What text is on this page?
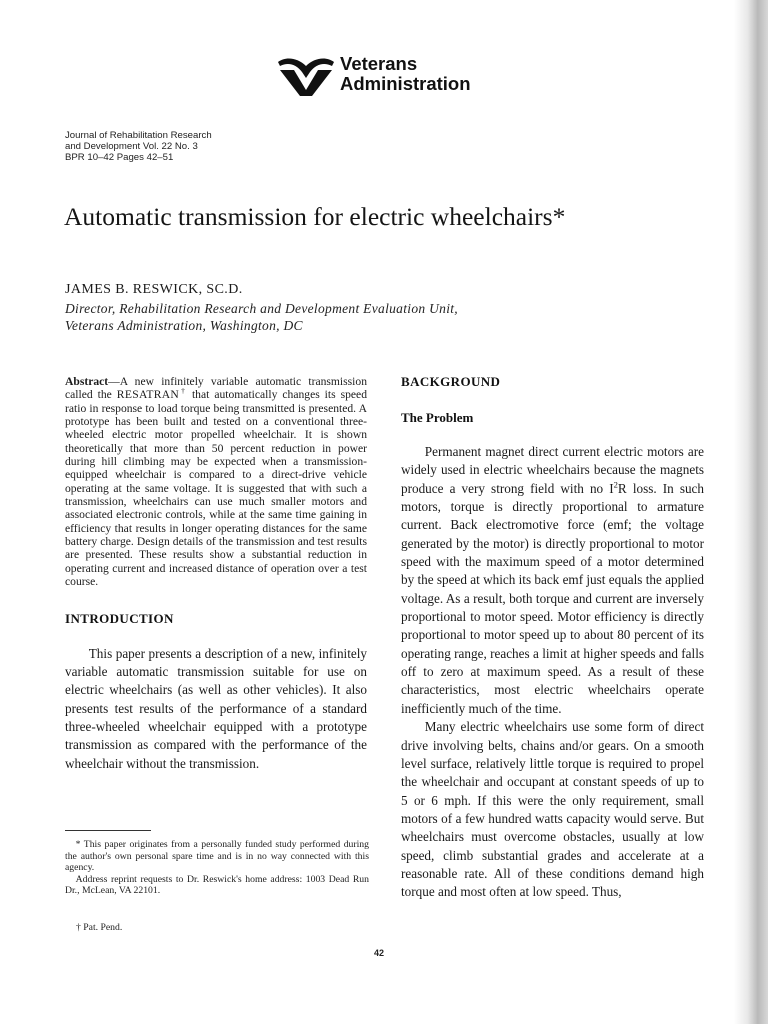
Veterans
Administration
Journal of Rehabilitation Research
and Development Vol. 22 No. 3
BPR 10–42 Pages 42–51
Automatic transmission for electric wheelchairs*
JAMES B. RESWICK, SC.D.
Director, Rehabilitation Research and Development Evaluation Unit,
Veterans Administration, Washington, DC

Abstract—A new infinitely variable automatic transmission called the RESATRAN† that automatically changes its speed ratio in response to load torque being transmitted is presented. A prototype has been built and tested on a conventional three-wheeled electric motor propelled wheelchair. It is shown theoretically that more than 50 percent reduction in power during hill climbing may be expected when a transmission-equipped wheelchair is compared to a direct-drive vehicle operating at the same voltage. It is suggested that with such a transmission, wheelchairs can use much smaller motors and associated electronic controls, while at the same time gaining in efficiency that results in longer operating distances for the same battery charge. Design details of the transmission and test results are presented. These results show a substantial reduction in operating current and increased distance of operation over a test course.

INTRODUCTION

This paper presents a description of a new, infinitely variable automatic transmission suitable for use on electric wheelchairs (as well as other vehicles). It also presents test results of the performance of a standard three-wheeled wheelchair equipped with a prototype transmission as compared with the performance of the wheelchair without the transmission.

* This paper originates from a personally funded study performed during the author's own personal spare time and is in no way connected with this agency.

Address reprint requests to Dr. Reswick's home address: 1003 Dead Run Dr., McLean, VA 22101.

† Pat. Pend.
BACKGROUND
The Problem

Permanent magnet direct current electric motors are widely used in electric wheelchairs because the magnets produce a very strong field with no $I^2R$ loss. In such motors, torque is directly proportional to armature current. Back electromotive force (emf; the voltage generated by the motor) is directly proportional to motor speed with the maximum speed of a motor determined by the speed at which its back emf just equals the applied voltage. As a result, both torque and current are inversely proportional to motor speed. Motor efficiency is directly proportional to motor speed up to about 80 percent of its operating range, reaches a limit at higher speeds and falls off to zero at maximum speed. As a result of these characteristics, most electric wheelchairs operate inefficiently much of the time.

Many electric wheelchairs use some form of direct drive involving belts, chains and/or gears. On a smooth level surface, relatively little torque is required to propel the wheelchair and occupant at constant speeds of up to 5 or 6 mph. If this were the only requirement, small motors of a few hundred watts capacity would serve. But wheelchairs must overcome obstacles, usually at low speed, climb substantial grades and accelerate at a reasonable rate. All of these conditions demand high torque and most often at low speed. Thus,

42
